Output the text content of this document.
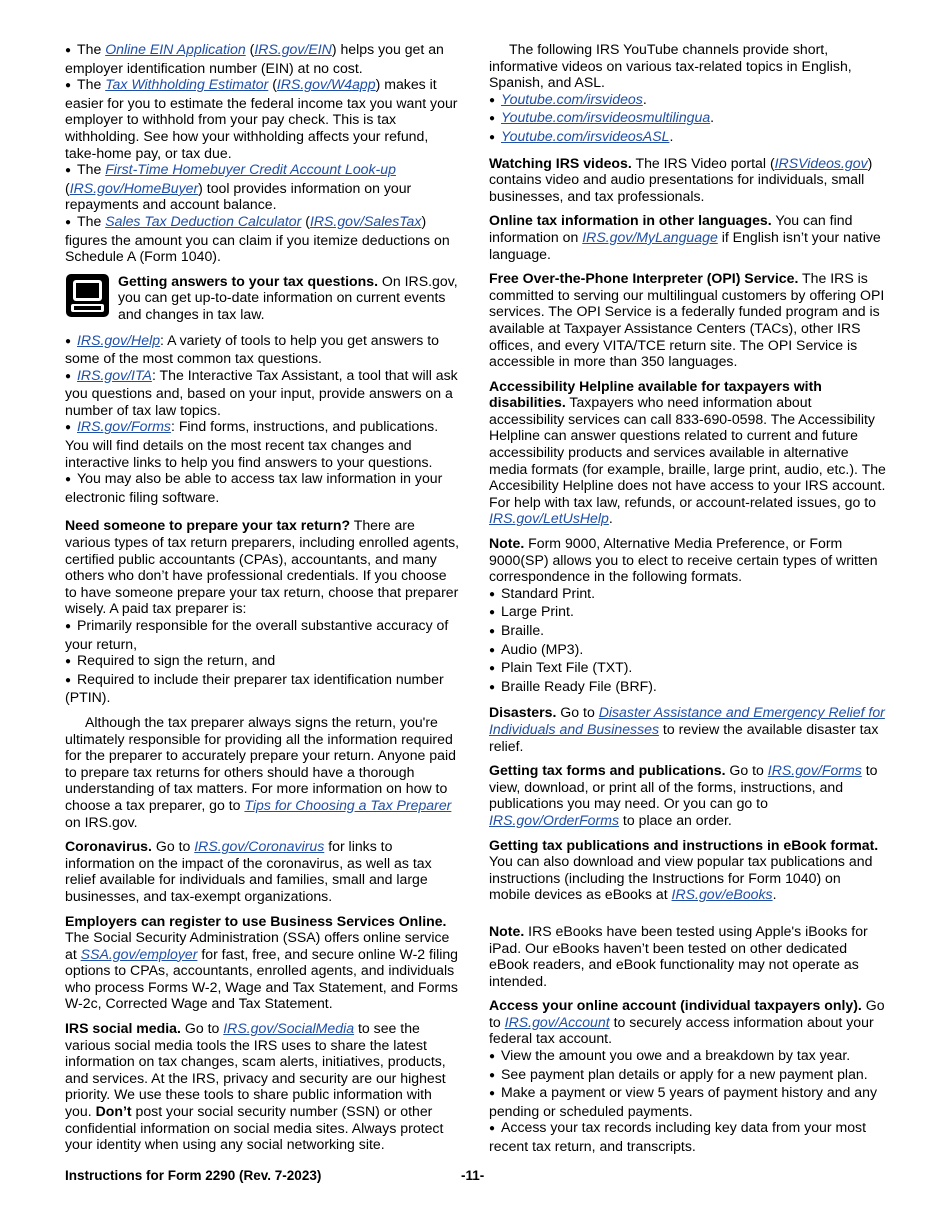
● The Online EIN Application (IRS.gov/EIN) helps you get an employer identification number (EIN) at no cost.

● The Tax Withholding Estimator (IRS.gov/W4app) makes it easier for you to estimate the federal income tax you want your employer to withhold from your pay check. This is tax withholding. See how your withholding affects your refund, take-home pay, or tax due.

● The First-Time Homebuyer Credit Account Look-up (IRS.gov/HomeBuyer) tool provides information on your repayments and account balance.

● The Sales Tax Deduction Calculator (IRS.gov/SalesTax) figures the amount you can claim if you itemize deductions on Schedule A (Form 1040).

Getting answers to your tax questions. On IRS.gov, you can get up-to-date information on current events and changes in tax law.

● IRS.gov/Help: A variety of tools to help you get answers to some of the most common tax questions.

● IRS.gov/ITA: The Interactive Tax Assistant, a tool that will ask you questions and, based on your input, provide answers on a number of tax law topics.

● IRS.gov/Forms: Find forms, instructions, and publications. You will find details on the most recent tax changes and interactive links to help you find answers to your questions.

● You may also be able to access tax law information in your electronic filing software.

Need someone to prepare your tax return? There are various types of tax return preparers, including enrolled agents, certified public accountants (CPAs), accountants, and many others who don’t have professional credentials. If you choose to have someone prepare your tax return, choose that preparer wisely. A paid tax preparer is:

● Primarily responsible for the overall substantive accuracy of your return,

● Required to sign the return, and

● Required to include their preparer tax identification number (PTIN).

Although the tax preparer always signs the return, you're ultimately responsible for providing all the information required for the preparer to accurately prepare your return. Anyone paid to prepare tax returns for others should have a thorough understanding of tax matters. For more information on how to choose a tax preparer, go to Tips for Choosing a Tax Preparer on IRS.gov.

Coronavirus. Go to IRS.gov/Coronavirus for links to information on the impact of the coronavirus, as well as tax relief available for individuals and families, small and large businesses, and tax-exempt organizations.

Employers can register to use Business Services Online. The Social Security Administration (SSA) offers online service at SSA.gov/employer for fast, free, and secure online W-2 filing options to CPAs, accountants, enrolled agents, and individuals who process Forms W-2, Wage and Tax Statement, and Forms W-2c, Corrected Wage and Tax Statement.

IRS social media. Go to IRS.gov/SocialMedia to see the various social media tools the IRS uses to share the latest information on tax changes, scam alerts, initiatives, products, and services. At the IRS, privacy and security are our highest priority. We use these tools to share public information with you. Don’t post your social security number (SSN) or other confidential information on social media sites. Always protect your identity when using any social networking site.

The following IRS YouTube channels provide short, informative videos on various tax-related topics in English, Spanish, and ASL.

● Youtube.com/irsvideos.

● Youtube.com/irsvideosmultilingua.

● Youtube.com/irsvideosASL.

Watching IRS videos. The IRS Video portal (IRSVideos.gov) contains video and audio presentations for individuals, small businesses, and tax professionals.

Online tax information in other languages. You can find information on IRS.gov/MyLanguage if English isn’t your native language.

Free Over-the-Phone Interpreter (OPI) Service. The IRS is committed to serving our multilingual customers by offering OPI services. The OPI Service is a federally funded program and is available at Taxpayer Assistance Centers (TACs), other IRS offices, and every VITA/TCE return site. The OPI Service is accessible in more than 350 languages.

Accessibility Helpline available for taxpayers with disabilities. Taxpayers who need information about accessibility services can call 833-690-0598. The Accessibility Helpline can answer questions related to current and future accessibility products and services available in alternative media formats (for example, braille, large print, audio, etc.). The Accesibility Helpline does not have access to your IRS account. For help with tax law, refunds, or account-related issues, go to IRS.gov/LetUsHelp.

Note. Form 9000, Alternative Media Preference, or Form 9000(SP) allows you to elect to receive certain types of written correspondence in the following formats.

● Standard Print.

● Large Print.

● Braille.

● Audio (MP3).

● Plain Text File (TXT).

● Braille Ready File (BRF).

Disasters. Go to Disaster Assistance and Emergency Relief for Individuals and Businesses to review the available disaster tax relief.

Getting tax forms and publications. Go to IRS.gov/Forms to view, download, or print all of the forms, instructions, and publications you may need. Or you can go to IRS.gov/OrderForms to place an order.

Getting tax publications and instructions in eBook format. You can also download and view popular tax publications and instructions (including the Instructions for Form 1040) on mobile devices as eBooks at IRS.gov/eBooks.

Note. IRS eBooks have been tested using Apple's iBooks for iPad. Our eBooks haven’t been tested on other dedicated eBook readers, and eBook functionality may not operate as intended.

Access your online account (individual taxpayers only). Go to IRS.gov/Account to securely access information about your federal tax account.

● View the amount you owe and a breakdown by tax year.

● See payment plan details or apply for a new payment plan.

● Make a payment or view 5 years of payment history and any pending or scheduled payments.

● Access your tax records including key data from your most recent tax return, and transcripts.

Instructions for Form 2290 (Rev. 7-2023)	-11-
